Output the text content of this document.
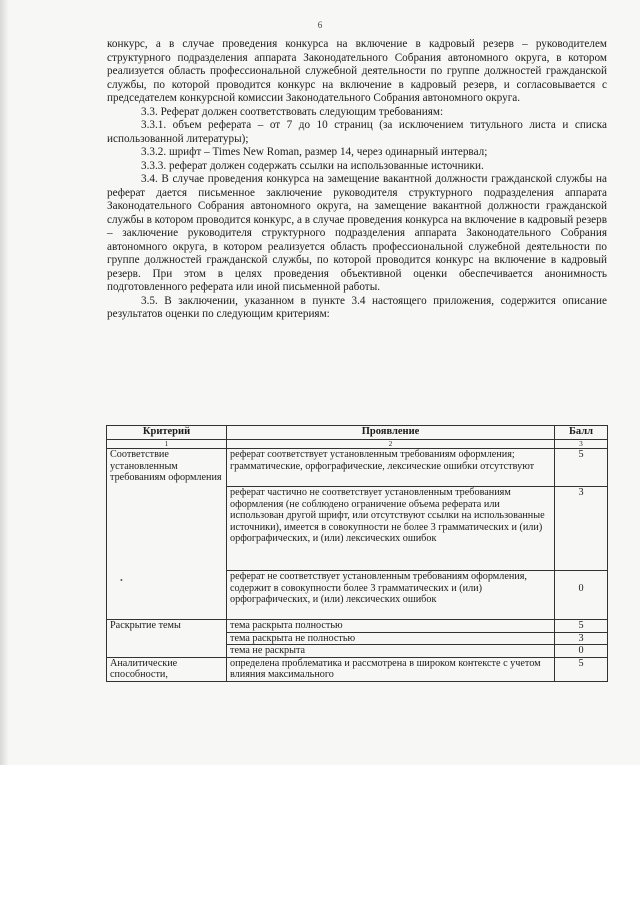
6

конкурс, а в случае проведения конкурса на включение в кадровый резерв – руководителем структурного подразделения аппарата Законодательного Собрания автономного округа, в котором реализуется область профессиональной служебной деятельности по группе должностей гражданской службы, по которой проводится конкурс на включение в кадровый резерв, и согласовывается с председателем конкурсной комиссии Законодательного Собрания автономного округа.

3.3. Реферат должен соответствовать следующим требованиям:

3.3.1. объем реферата – от 7 до 10 страниц (за исключением титульного листа и списка использованной литературы);

3.3.2. шрифт – Times New Roman, размер 14, через одинарный интервал;

3.3.3. реферат должен содержать ссылки на использованные источники.

3.4. В случае проведения конкурса на замещение вакантной должности гражданской службы на реферат дается письменное заключение руководителя структурного подразделения аппарата Законодательного Собрания автономного округа, на замещение вакантной должности гражданской службы в котором проводится конкурс, а в случае проведения конкурса на включение в кадровый резерв – заключение руководителя структурного подразделения аппарата Законодательного Собрания автономного округа, в котором реализуется область профессиональной служебной деятельности по группе должностей гражданской службы, по которой проводится конкурс на включение в кадровый резерв. При этом в целях проведения объективной оценки обеспечивается анонимность подготовленного реферата или иной письменной работы.

3.5. В заключении, указанном в пункте 3.4 настоящего приложения, содержится описание результатов оценки по следующим критериям:

Критерий	Проявление	Балл
1	2	3
Соответствие установленным требованиям оформления	реферат соответствует установленным требованиям оформления; грамматические, орфографические, лексические ошибки отсутствуют	5
	реферат частично не соответствует установленным требованиям оформления (не соблюдено ограничение объема реферата или использован другой шрифт, или отсутствуют ссылки на использованные источники), имеется в совокупности не более 3 грамматических и (или) орфографических, и (или) лексических ошибок	3
	реферат не соответствует установленным требованиям оформления, содержит в совокупности более 3 грамматических и (или) орфографических, и (или) лексических ошибок	0
Раскрытие темы	тема раскрыта полностью	5
	тема раскрыта не полностью	3
	тема не раскрыта	0
Аналитические способности,	определена проблематика и рассмотрена в широком контексте с учетом влияния максимального	5
•
